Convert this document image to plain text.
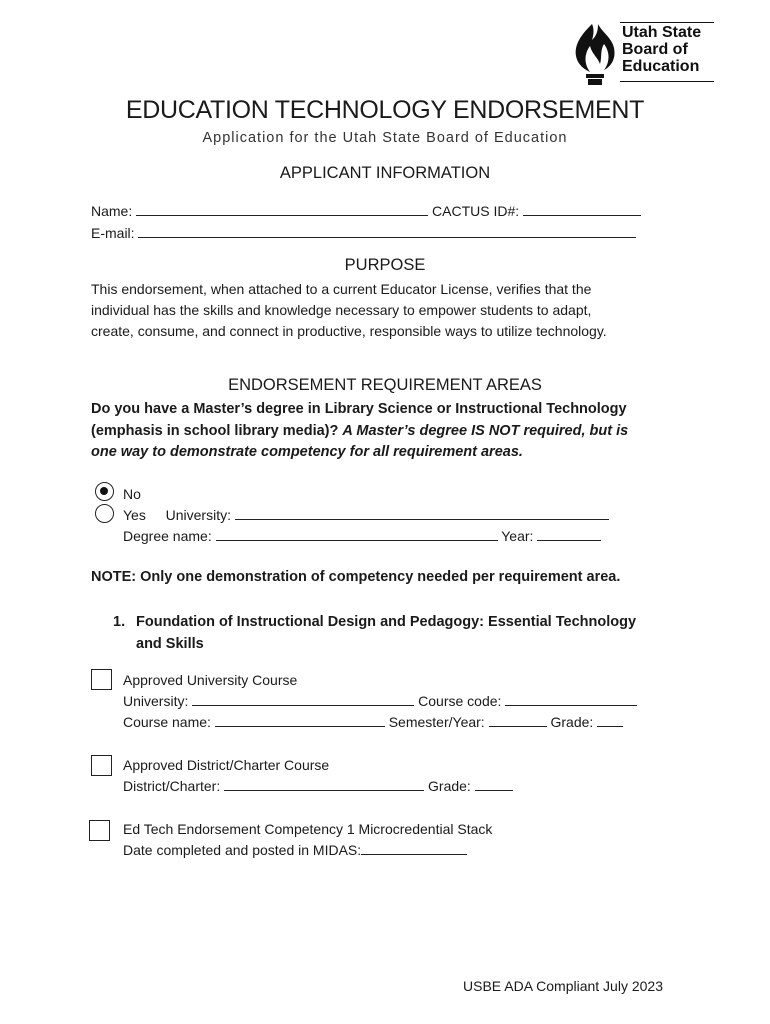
Utah State
Board of
Education
EDUCATION TECHNOLOGY ENDORSEMENT
Application for the Utah State Board of Education
APPLICANT INFORMATION
Name:	CACTUS ID#:
E-mail:
PURPOSE
This endorsement, when attached to a current Educator License, verifies that the
individual has the skills and knowledge necessary to empower students to adapt,
create, consume, and connect in productive, responsible ways to utilize technology.
ENDORSEMENT REQUIREMENT AREAS
Do you have a Master’s degree in Library Science or Instructional Technology
(emphasis in school library media)? A Master’s degree IS NOT required, but is
one way to demonstrate competency for all requirement areas.
No
Yes University:
Degree name:	Year:
NOTE: Only one demonstration of competency needed per requirement area.
1. Foundation of Instructional Design and Pedagogy: Essential Technology
and Skills
Approved University Course
University:	Course code:
Course name:	Semester/Year:	Grade:
Approved District/Charter Course
District/Charter:	Grade:
Ed Tech Endorsement Competency 1 Microcredential Stack
Date completed and posted in MIDAS:
USBE ADA Compliant July 2023
